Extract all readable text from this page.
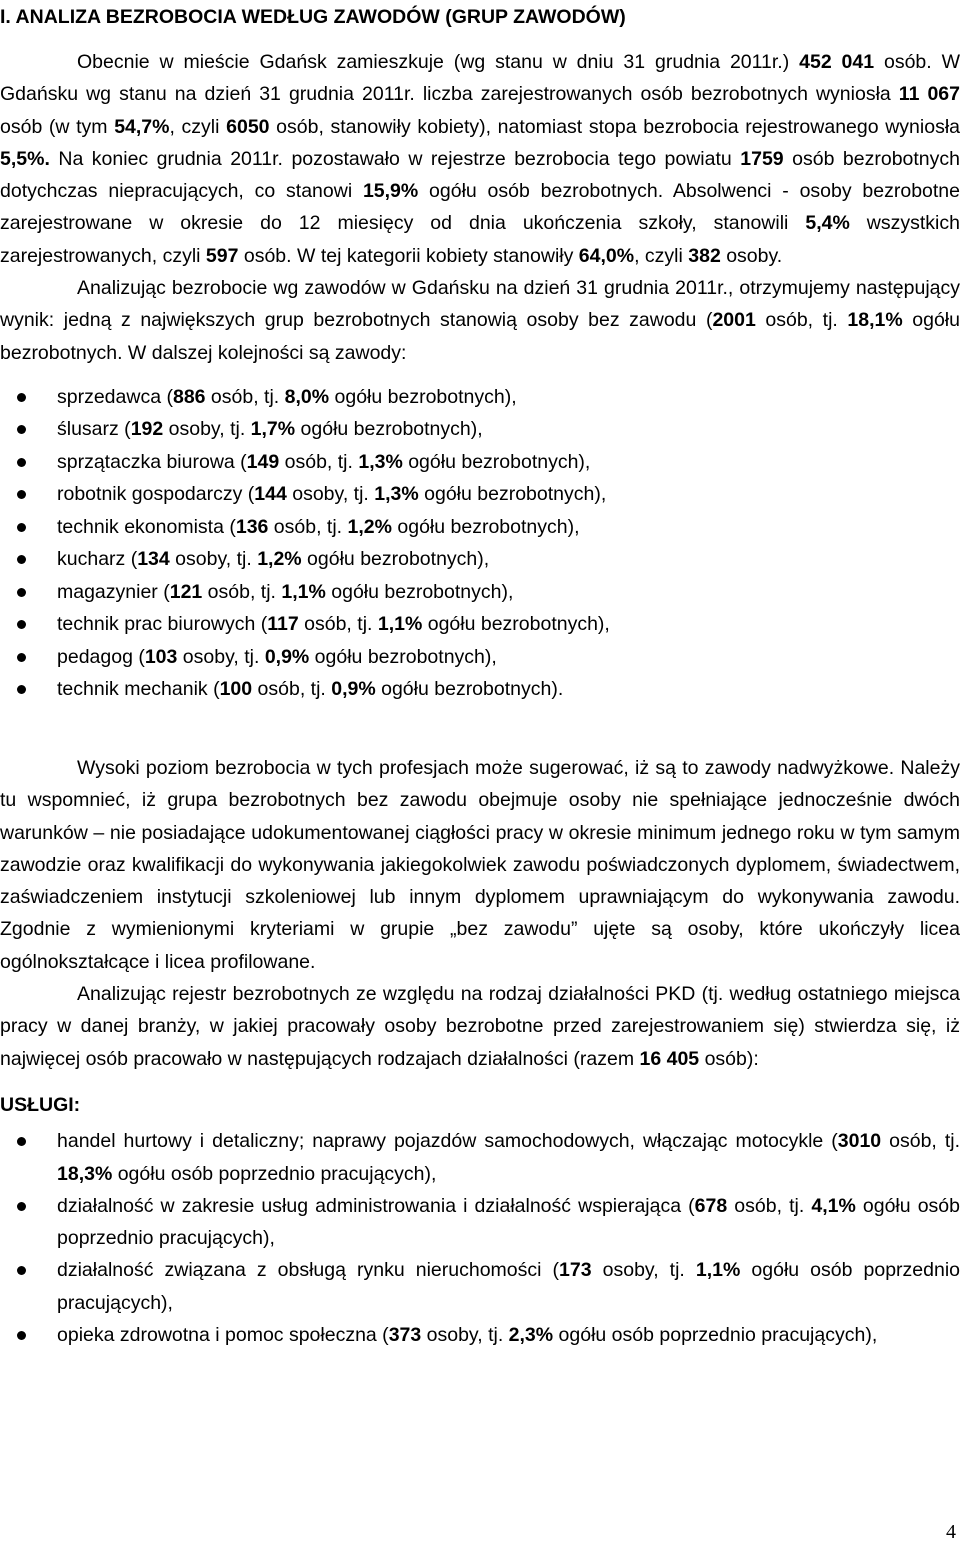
I. ANALIZA BEZROBOCIA WEDŁUG ZAWODÓW (GRUP ZAWODÓW)

Obecnie w mieście Gdańsk zamieszkuje (wg stanu w dniu 31 grudnia 2011r.) 452 041 osób. W Gdańsku wg stanu na dzień 31 grudnia 2011r. liczba zarejestrowanych osób bezrobotnych wyniosła 11 067 osób (w tym 54,7%, czyli 6050 osób, stanowiły kobiety), natomiast stopa bezrobocia rejestrowanego wyniosła 5,5%. Na koniec grudnia 2011r. pozostawało w rejestrze bezrobocia tego powiatu 1759 osób bezrobotnych dotychczas niepracujących, co stanowi 15,9% ogółu osób bezrobotnych. Absolwenci - osoby bezrobotne zarejestrowane w okresie do 12 miesięcy od dnia ukończenia szkoły, stanowili 5,4% wszystkich zarejestrowanych, czyli 597 osób. W tej kategorii kobiety stanowiły 64,0%, czyli 382 osoby.

Analizując bezrobocie wg zawodów w Gdańsku na dzień 31 grudnia 2011r., otrzymujemy następujący wynik: jedną z największych grup bezrobotnych stanowią osoby bez zawodu (2001 osób, tj. 18,1% ogółu bezrobotnych. W dalszej kolejności są zawody:

sprzedawca (886 osób, tj. 8,0% ogółu bezrobotnych),
ślusarz (192 osoby, tj. 1,7% ogółu bezrobotnych),
sprzątaczka biurowa (149 osób, tj. 1,3% ogółu bezrobotnych),
robotnik gospodarczy (144 osoby, tj. 1,3% ogółu bezrobotnych),
technik ekonomista (136 osób, tj. 1,2% ogółu bezrobotnych),
kucharz (134 osoby, tj. 1,2% ogółu bezrobotnych),
magazynier (121 osób, tj. 1,1% ogółu bezrobotnych),
technik prac biurowych (117 osób, tj. 1,1% ogółu bezrobotnych),
pedagog (103 osoby, tj. 0,9% ogółu bezrobotnych),
technik mechanik (100 osób, tj. 0,9% ogółu bezrobotnych).

Wysoki poziom bezrobocia w tych profesjach może sugerować, iż są to zawody nadwyżkowe. Należy tu wspomnieć, iż grupa bezrobotnych bez zawodu obejmuje osoby nie spełniające jednocześnie dwóch warunków – nie posiadające udokumentowanej ciągłości pracy w okresie minimum jednego roku w tym samym zawodzie oraz kwalifikacji do wykonywania jakiegokolwiek zawodu poświadczonych dyplomem, świadectwem, zaświadczeniem instytucji szkoleniowej lub innym dyplomem uprawniającym do wykonywania zawodu. Zgodnie z wymienionymi kryteriami w grupie „bez zawodu” ujęte są osoby, które ukończyły licea ogólnokształcące i licea profilowane.

Analizując rejestr bezrobotnych ze względu na rodzaj działalności PKD (tj. według ostatniego miejsca pracy w danej branży, w jakiej pracowały osoby bezrobotne przed zarejestrowaniem się) stwierdza się, iż najwięcej osób pracowało w następujących rodzajach działalności (razem 16 405 osób):

USŁUGI:
handel hurtowy i detaliczny; naprawy pojazdów samochodowych, włączając motocykle (3010 osób, tj. 18,3% ogółu osób poprzednio pracujących),
działalność w zakresie usług administrowania i działalność wspierająca (678 osób, tj. 4,1% ogółu osób poprzednio pracujących),
działalność związana z obsługą rynku nieruchomości (173 osoby, tj. 1,1% ogółu osób poprzednio pracujących),
opieka zdrowotna i pomoc społeczna (373 osoby, tj. 2,3% ogółu osób poprzednio pracujących),
4
